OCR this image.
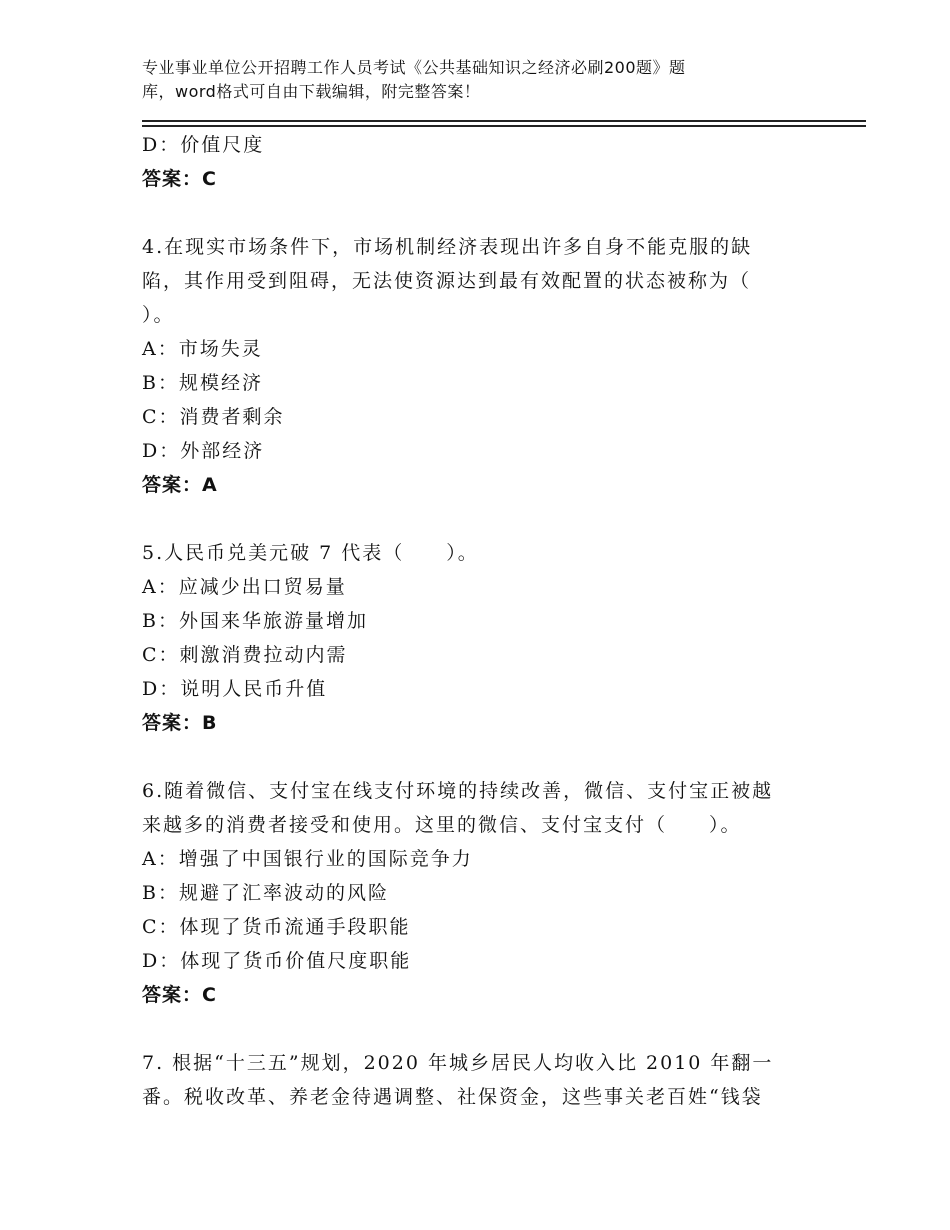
专业事业单位公开招聘工作人员考试《公共基础知识之经济必刷200题》题
库，word格式可自由下载编辑，附完整答案！
D：价值尺度
答案：C
4.在现实市场条件下，市场机制经济表现出许多自身不能克服的缺
陷，其作用受到阻碍，无法使资源达到最有效配置的状态被称为（
）。
A：市场失灵
B：规模经济
C：消费者剩余
D：外部经济
答案：A
5.人民币兑美元破 7 代表（　　）。
A：应减少出口贸易量
B：外国来华旅游量增加
C：刺激消费拉动内需
D：说明人民币升值
答案：B
6.随着微信、支付宝在线支付环境的持续改善，微信、支付宝正被越
来越多的消费者接受和使用。这里的微信、支付宝支付（　　）。
A：增强了中国银行业的国际竞争力
B：规避了汇率波动的风险
C：体现了货币流通手段职能
D：体现了货币价值尺度职能
答案：C
7. 根据“十三五”规划，2020 年城乡居民人均收入比 2010 年翻一
番。税收改革、养老金待遇调整、社保资金，这些事关老百姓“钱袋
